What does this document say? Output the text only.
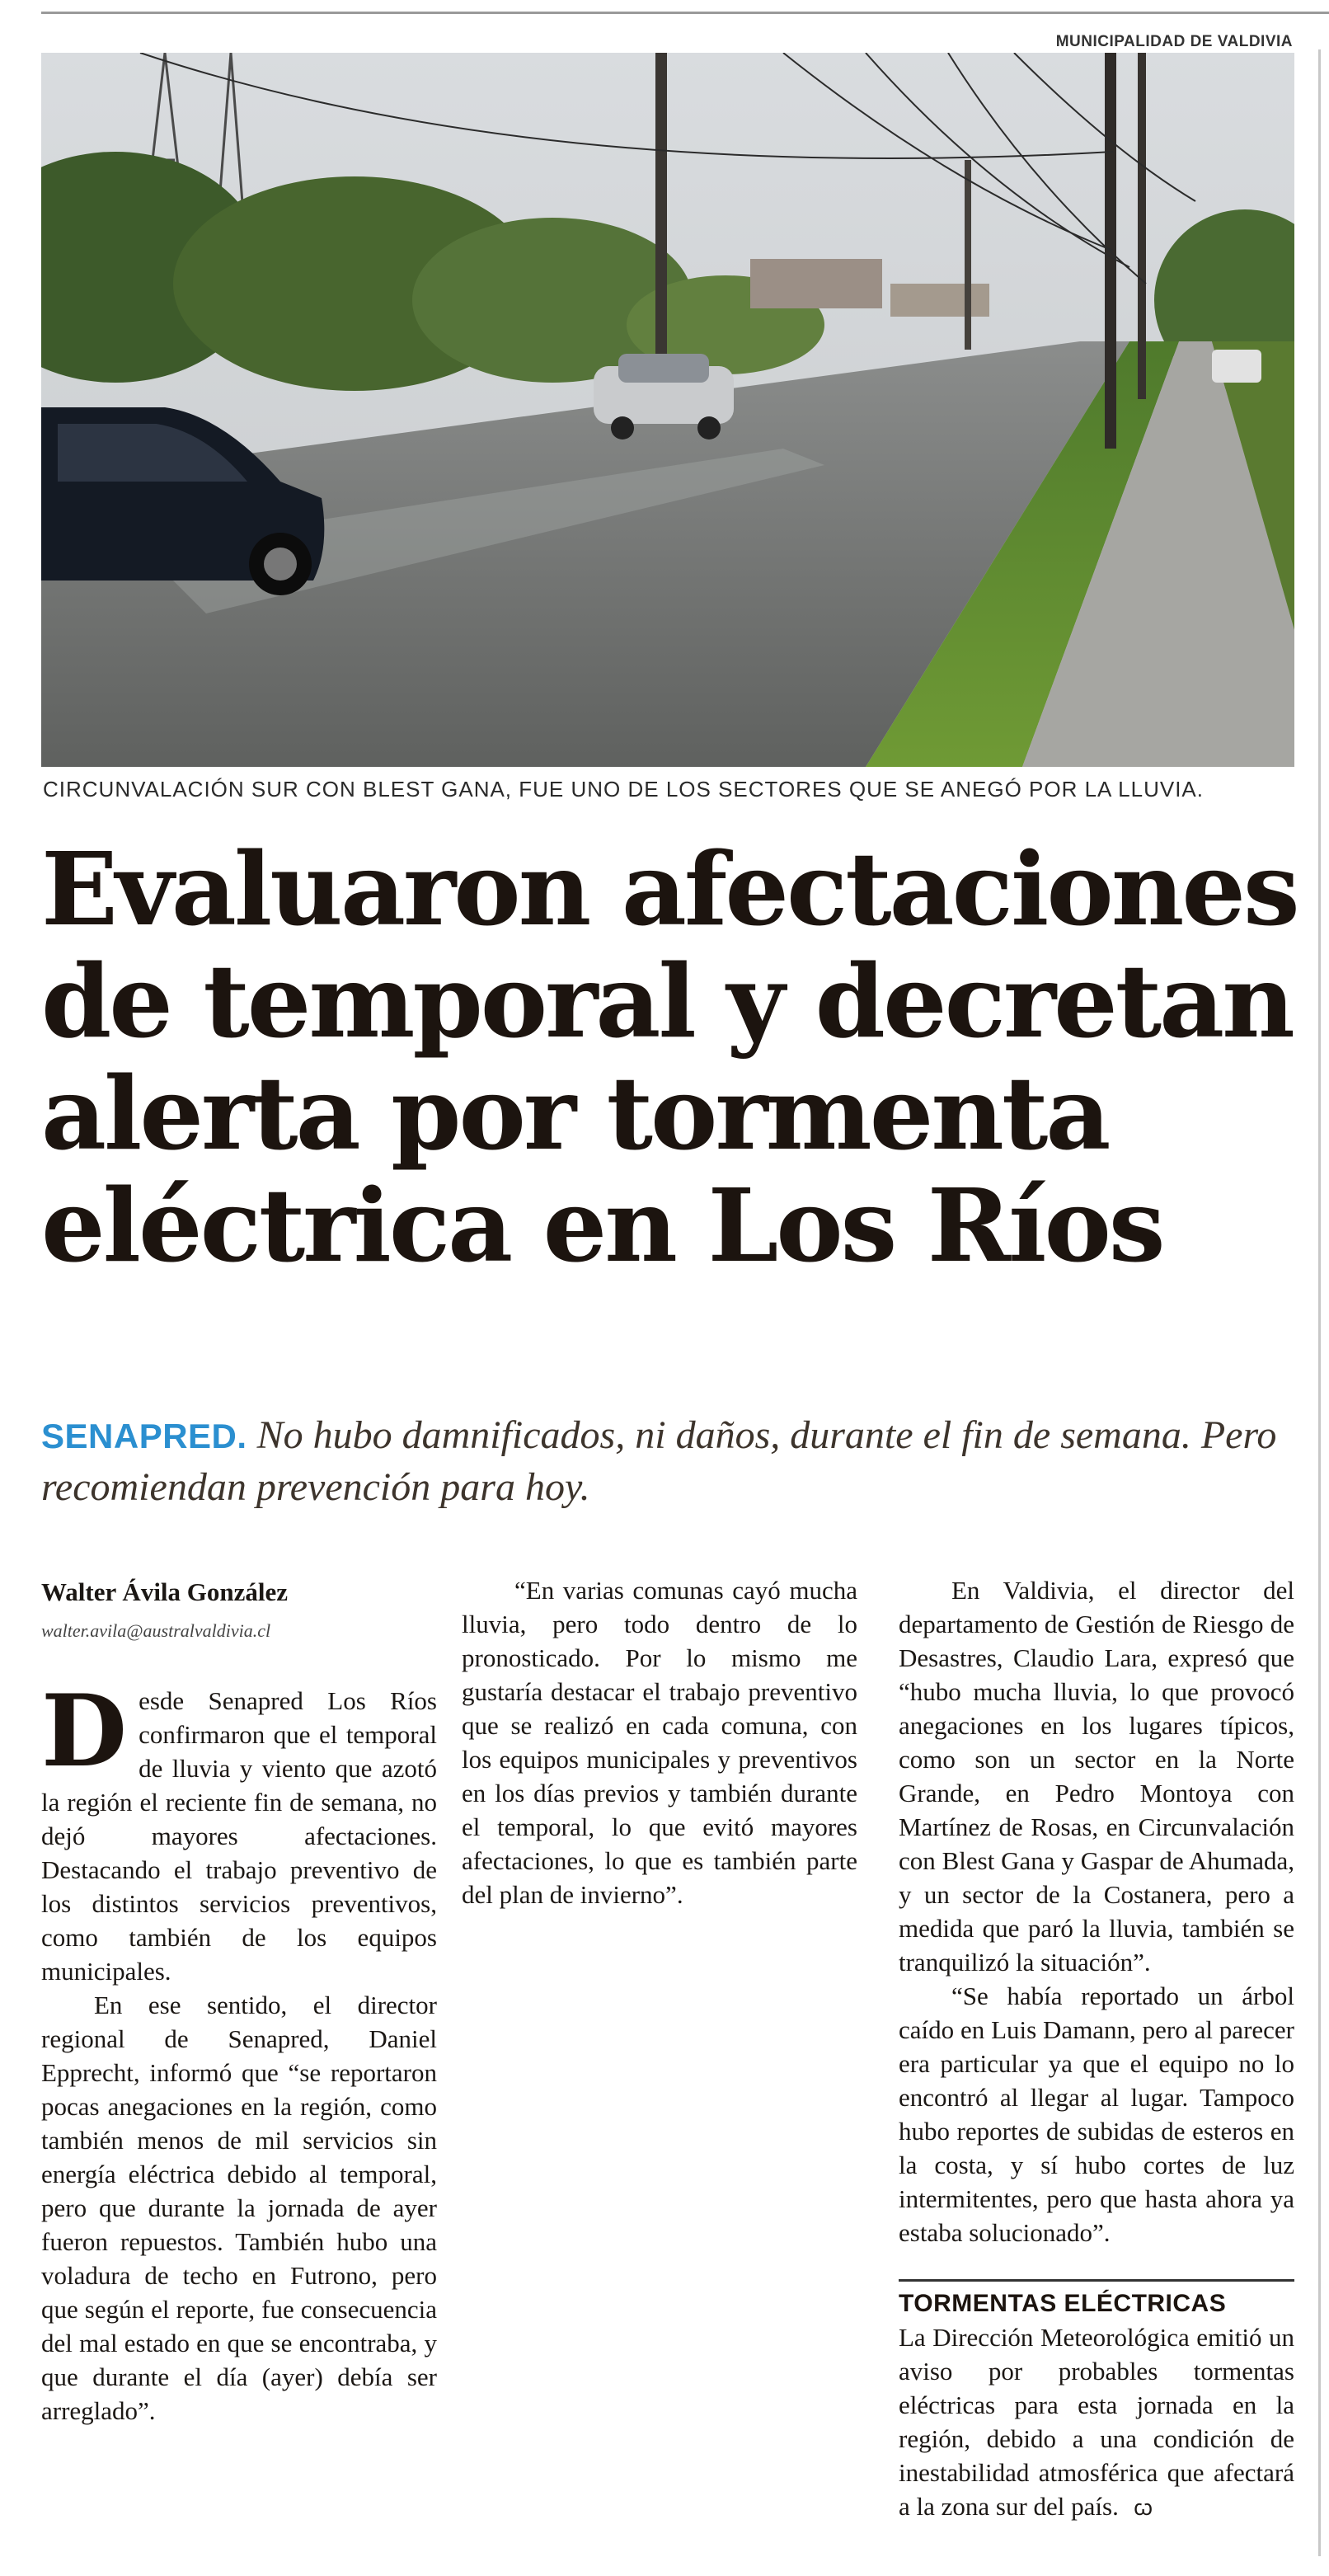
MUNICIPALIDAD DE VALDIVIA
CIRCUNVALACIÓN SUR CON BLEST GANA, FUE UNO DE LOS SECTORES QUE SE ANEGÓ POR LA LLUVIA.
Evaluaron afectaciones de temporal y decretan alerta por tormenta eléctrica en Los Ríos
SENAPRED. No hubo damnificados, ni daños, durante el fin de semana. Pero recomiendan prevención para hoy.
Walter Ávila González
walter.avila@australvaldivia.cl

Desde Senapred Los Ríos confirmaron que el temporal de lluvia y viento que azotó la región el reciente fin de semana, no dejó mayores afectaciones. Destacando el trabajo preventivo de los distintos servicios preventivos, como también de los equipos municipales.

En ese sentido, el director regional de Senapred, Daniel Epprecht, informó que “se reportaron pocas anegaciones en la región, como también menos de mil servicios sin energía eléctrica debido al temporal, pero que durante la jornada de ayer fueron repuestos. También hubo una voladura de techo en Futrono, pero que según el reporte, fue consecuencia del mal estado en que se encontraba, y que durante el día (ayer) debía ser arreglado”.

“En varias comunas cayó mucha lluvia, pero todo dentro de lo pronosticado. Por lo mismo me gustaría destacar el trabajo preventivo que se realizó en cada comuna, con los equipos municipales y preventivos en los días previos y también durante el temporal, lo que evitó mayores afectaciones, lo que es también parte del plan de invierno”.

En Valdivia, el director del departamento de Gestión de Riesgo de Desastres, Claudio Lara, expresó que “hubo mucha lluvia, lo que provocó anegaciones en los lugares típicos, como son un sector en la Norte Grande, en Pedro Montoya con Martínez de Rosas, en Circunvalación con Blest Gana y Gaspar de Ahumada, y un sector de la Costanera, pero a medida que paró la lluvia, también se tranquilizó la situación”.

“Se había reportado un árbol caído en Luis Damann, pero al parecer era particular ya que el equipo no lo encontró al llegar al lugar. Tampoco hubo reportes de subidas de esteros en la costa, y sí hubo cortes de luz intermitentes, pero que hasta ahora ya estaba solucionado”.

TORMENTAS ELÉCTRICAS

La Dirección Meteorológica emitió un aviso por probables tormentas eléctricas para esta jornada en la región, debido a una condición de inestabilidad atmosférica que afectará a la zona sur del país. ꞷ
